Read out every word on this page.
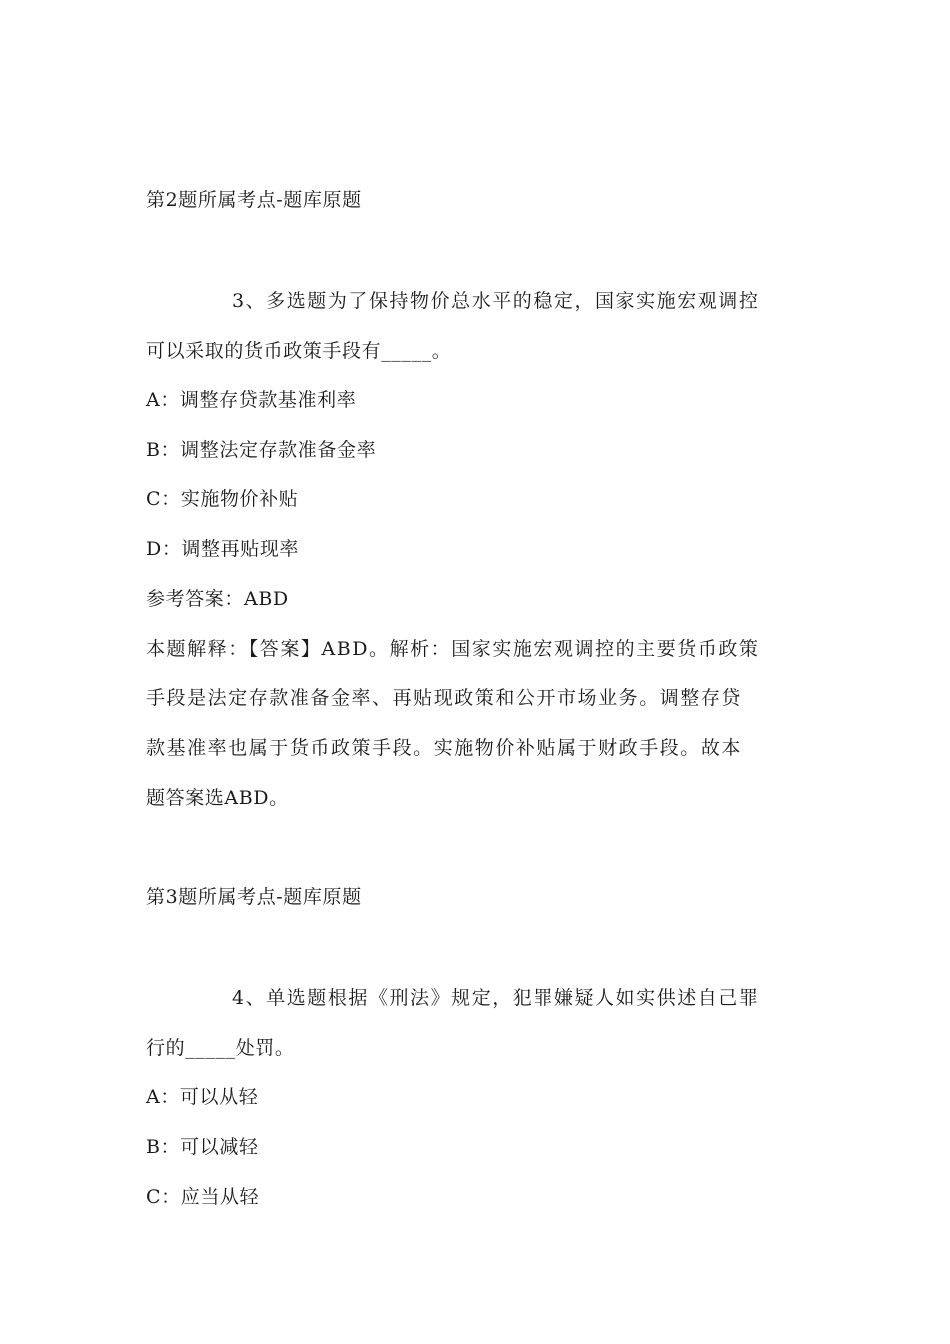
第2题所属考点-题库原题
3、多选题为了保持物价总水平的稳定，国家实施宏观调控
可以采取的货币政策手段有_____。
A：调整存贷款基准利率
B：调整法定存款准备金率
C：实施物价补贴
D：调整再贴现率
参考答案：ABD
本题解释：【答案】ABD。解析：国家实施宏观调控的主要货币政策
手段是法定存款准备金率、再贴现政策和公开市场业务。调整存贷
款基准率也属于货币政策手段。实施物价补贴属于财政手段。故本
题答案选ABD。
第3题所属考点-题库原题
4、单选题根据《刑法》规定，犯罪嫌疑人如实供述自己罪
行的_____处罚。
A：可以从轻
B：可以减轻
C：应当从轻
